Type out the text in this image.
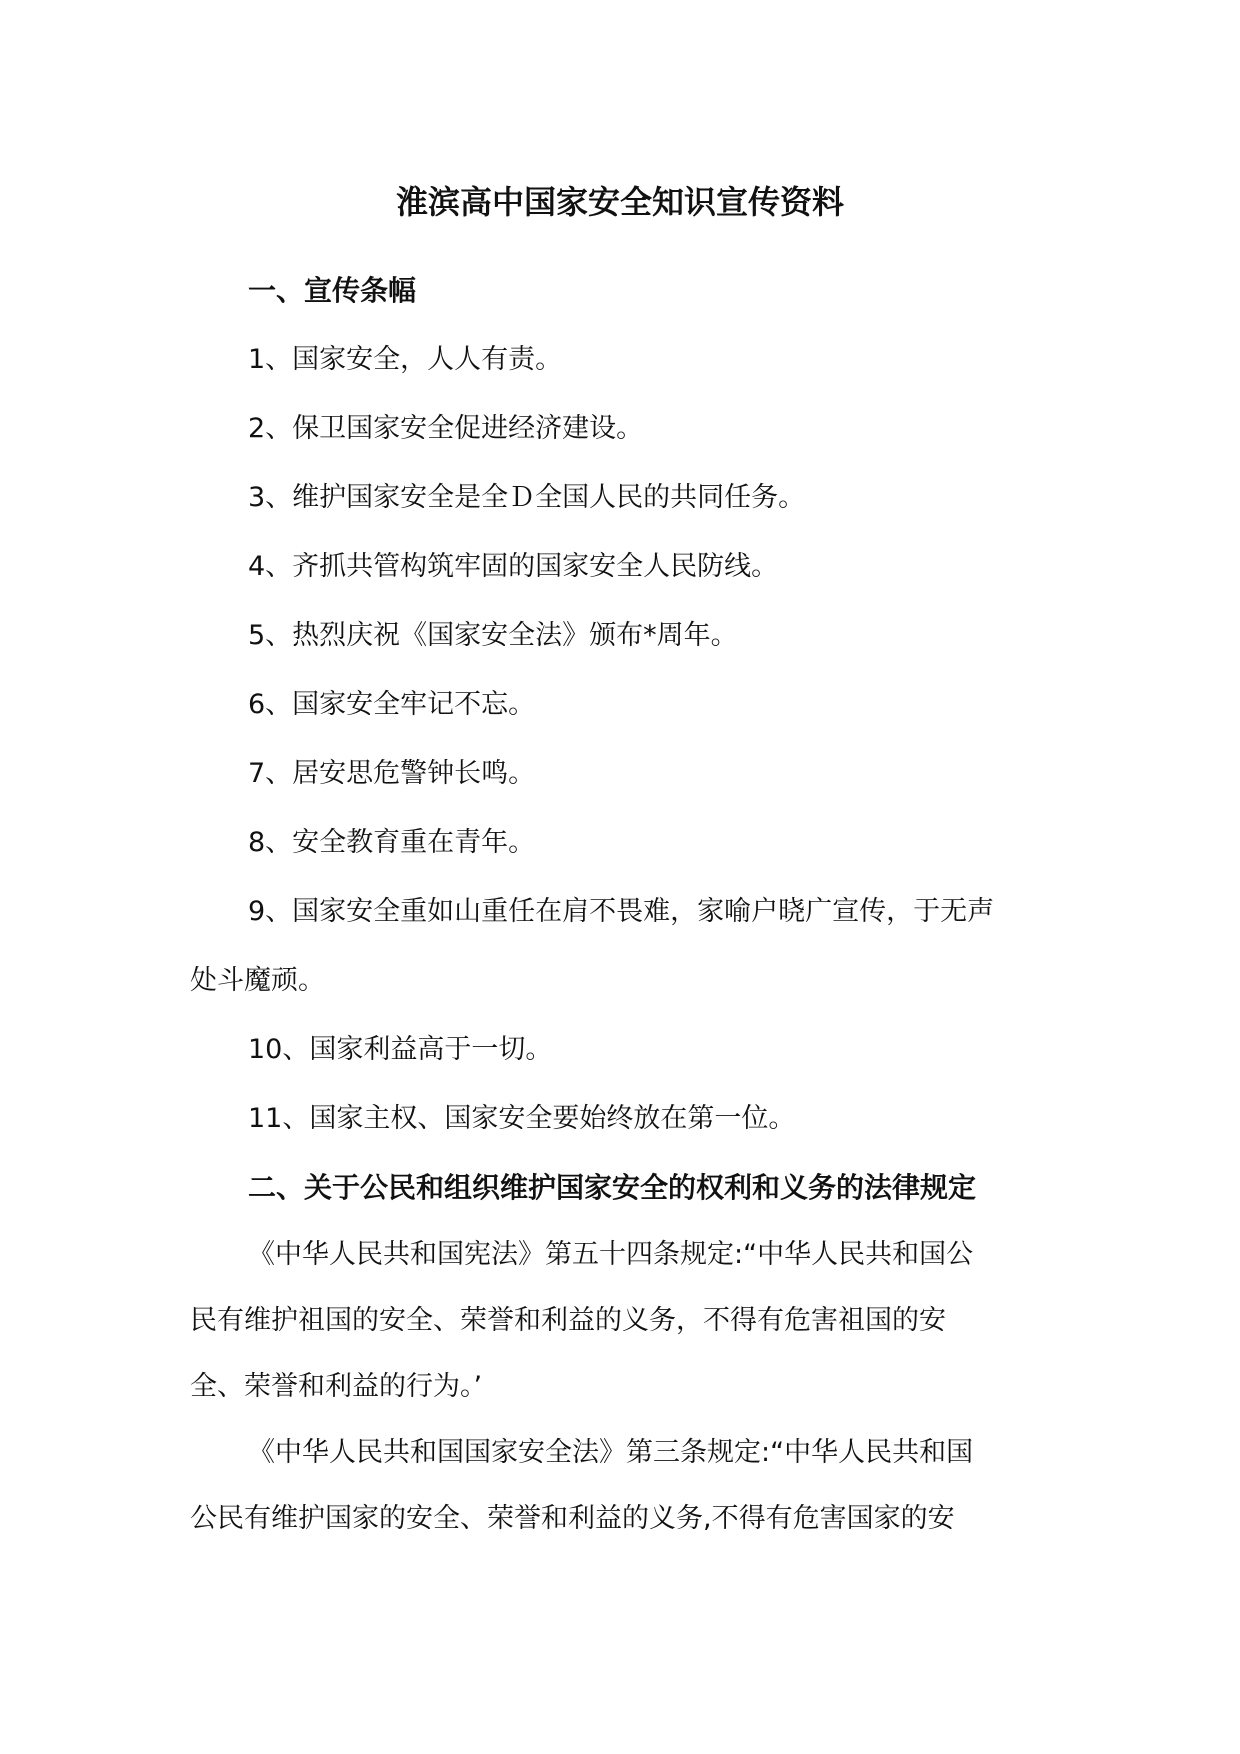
淮滨高中国家安全知识宣传资料

一、宣传条幅

1、国家安全，人人有责。

2、保卫国家安全促进经济建设。

3、维护国家安全是全Ｄ全国人民的共同任务。

4、齐抓共管构筑牢固的国家安全人民防线。

5、热烈庆祝《国家安全法》颁布*周年。

6、国家安全牢记不忘。

7、居安思危警钟长鸣。

8、安全教育重在青年。

9、国家安全重如山重任在肩不畏难，家喻户晓广宣传，于无声

处斗魔顽。

10、国家利益高于一切。

11、国家主权、国家安全要始终放在第一位。

二、关于公民和组织维护国家安全的权利和义务的法律规定

《中华人民共和国宪法》第五十四条规定:“中华人民共和国公

民有维护祖国的安全、荣誉和利益的义务，不得有危害祖国的安

全、荣誉和利益的行为。’

《中华人民共和国国家安全法》第三条规定:“中华人民共和国

公民有维护国家的安全、荣誉和利益的义务,不得有危害国家的安
